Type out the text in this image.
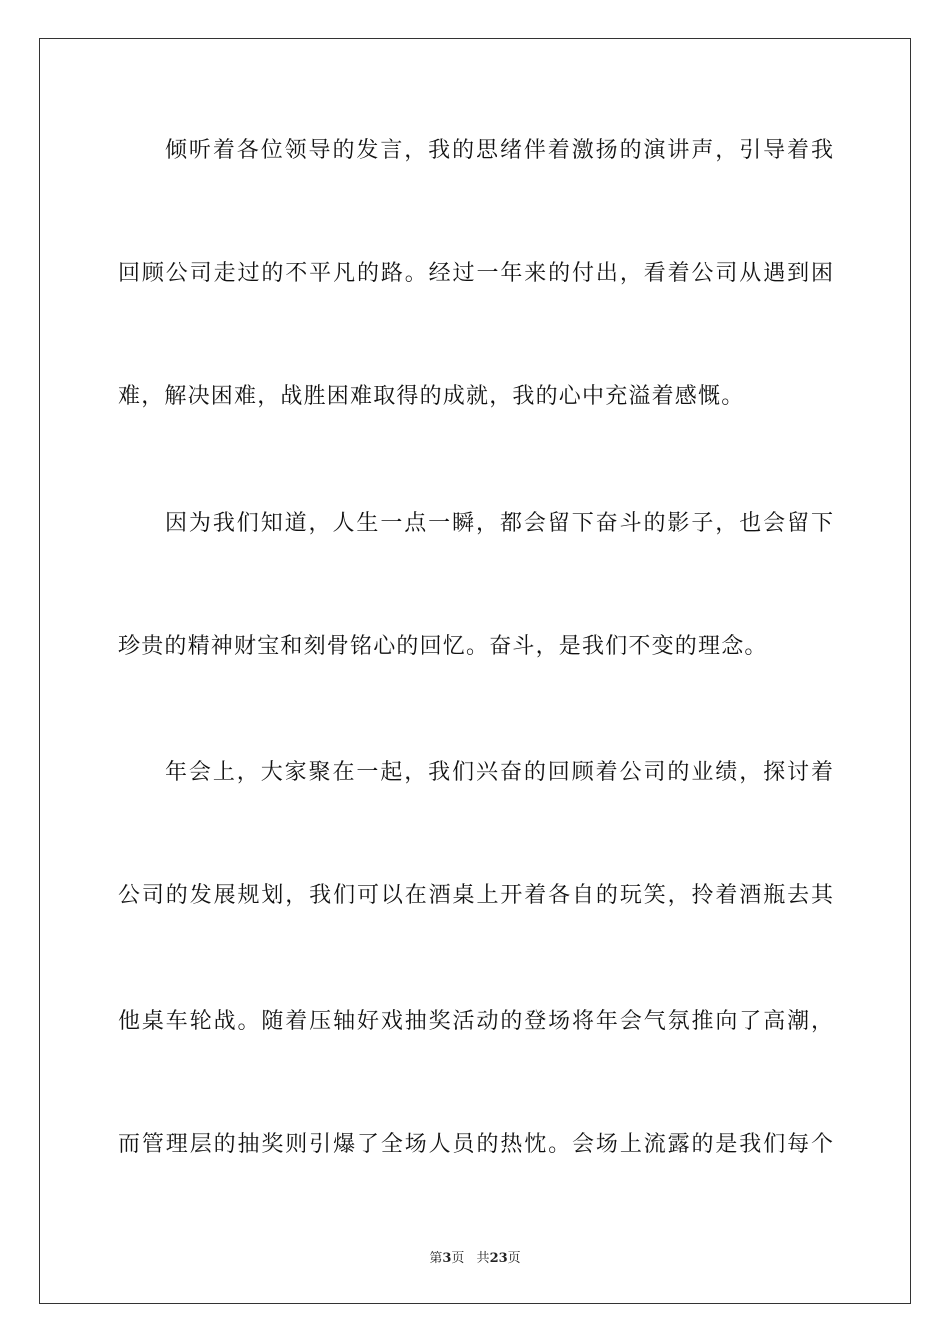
倾听着各位领导的发言，我的思绪伴着激扬的演讲声，引导着我
回顾公司走过的不平凡的路。经过一年来的付出，看着公司从遇到困
难，解决困难，战胜困难取得的成就，我的心中充溢着感慨。
因为我们知道，人生一点一瞬，都会留下奋斗的影子，也会留下
珍贵的精神财宝和刻骨铭心的回忆。奋斗，是我们不变的理念。
年会上，大家聚在一起，我们兴奋的回顾着公司的业绩，探讨着
公司的发展规划，我们可以在酒桌上开着各自的玩笑，拎着酒瓶去其
他桌车轮战。随着压轴好戏抽奖活动的登场将年会气氛推向了高潮，
而管理层的抽奖则引爆了全场人员的热忱。会场上流露的是我们每个
第3页 共23页
